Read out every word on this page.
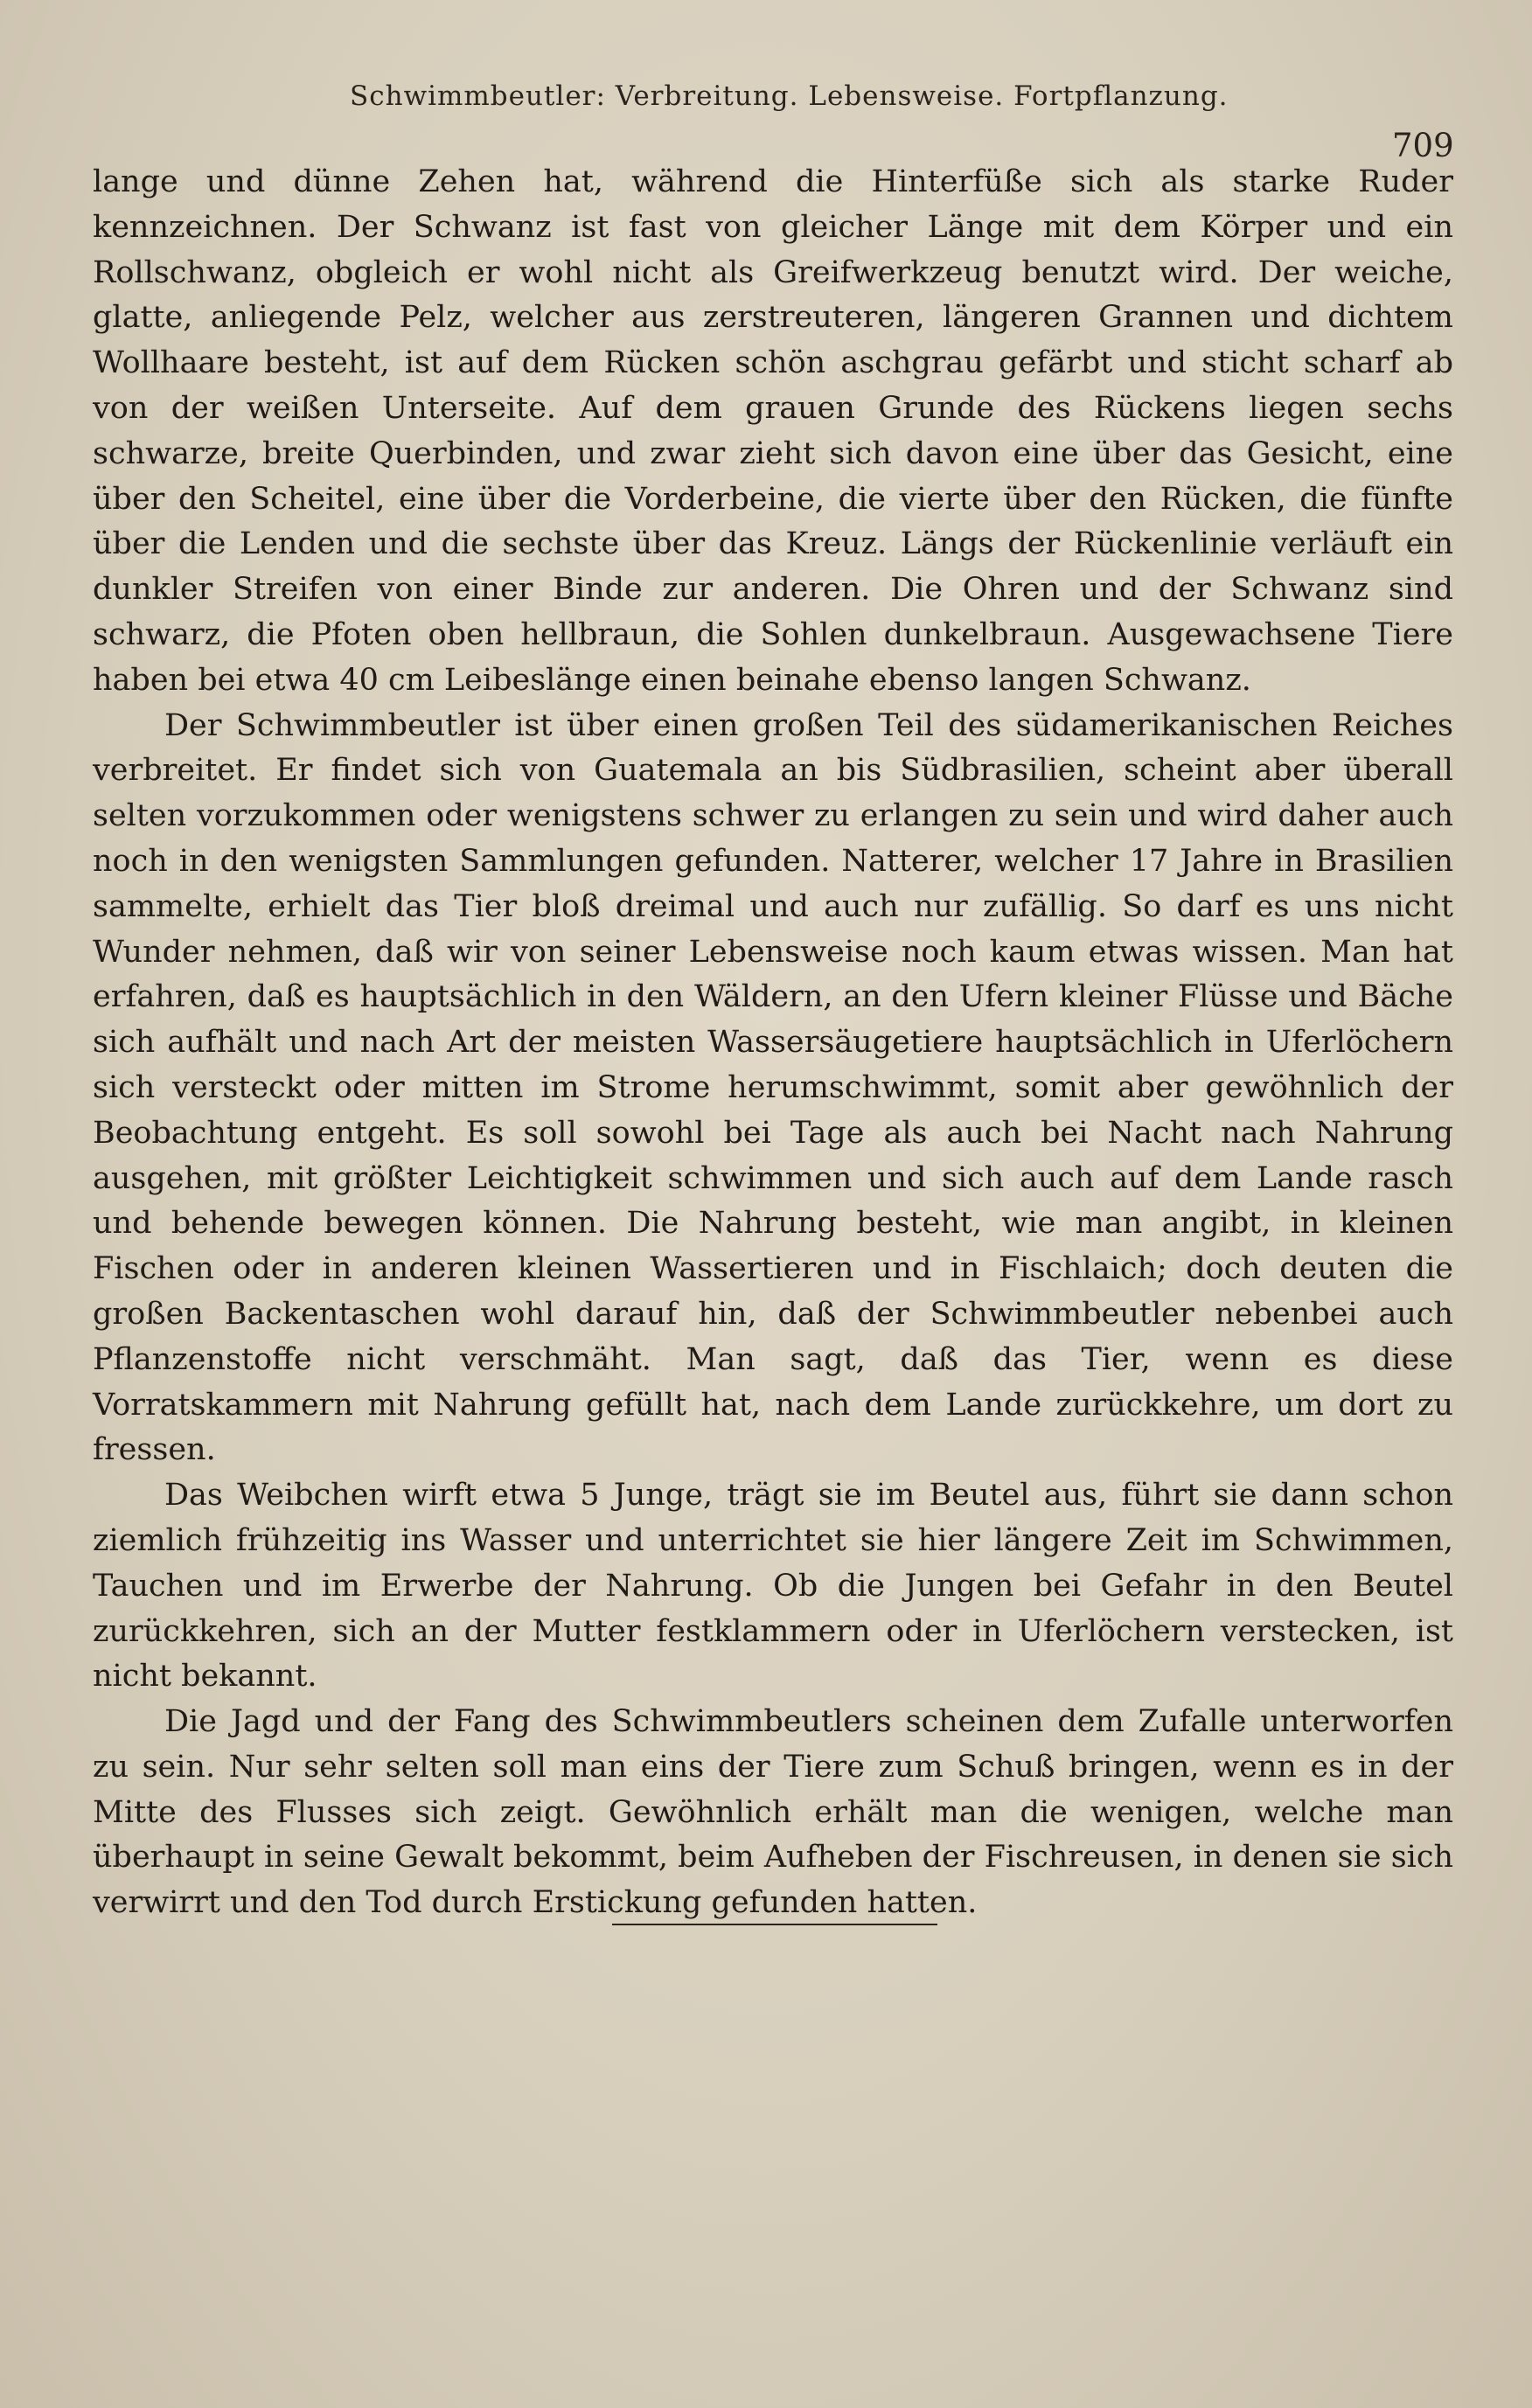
Schwimmbeutler: Verbreitung. Lebensweise. Fortpflanzung.
709

lange und dünne Zehen hat, während die Hinterfüße sich als starke Ruder kennzeichnen. Der Schwanz ist fast von gleicher Länge mit dem Körper und ein Rollschwanz, obgleich er wohl nicht als Greifwerkzeug benutzt wird. Der weiche, glatte, anliegende Pelz, welcher aus zerstreuteren, längeren Grannen und dichtem Wollhaare besteht, ist auf dem Rücken schön aschgrau gefärbt und sticht scharf ab von der weißen Unterseite. Auf dem grauen Grunde des Rückens liegen sechs schwarze, breite Querbinden, und zwar zieht sich davon eine über das Gesicht, eine über den Scheitel, eine über die Vorderbeine, die vierte über den Rücken, die fünfte über die Lenden und die sechste über das Kreuz. Längs der Rückenlinie verläuft ein dunkler Streifen von einer Binde zur anderen. Die Ohren und der Schwanz sind schwarz, die Pfoten oben hellbraun, die Sohlen dunkelbraun. Ausgewachsene Tiere haben bei etwa 40 cm Leibeslänge einen beinahe ebenso langen Schwanz.

Der Schwimmbeutler ist über einen großen Teil des südamerikanischen Reiches verbreitet. Er findet sich von Guatemala an bis Südbrasilien, scheint aber überall selten vorzukommen oder wenigstens schwer zu erlangen zu sein und wird daher auch noch in den wenigsten Sammlungen gefunden. Natterer, welcher 17 Jahre in Brasilien sammelte, erhielt das Tier bloß dreimal und auch nur zufällig. So darf es uns nicht Wunder nehmen, daß wir von seiner Lebensweise noch kaum etwas wissen. Man hat erfahren, daß es hauptsächlich in den Wäldern, an den Ufern kleiner Flüsse und Bäche sich aufhält und nach Art der meisten Wassersäugetiere hauptsächlich in Uferlöchern sich versteckt oder mitten im Strome herumschwimmt, somit aber gewöhnlich der Beobachtung entgeht. Es soll sowohl bei Tage als auch bei Nacht nach Nahrung ausgehen, mit größter Leichtigkeit schwimmen und sich auch auf dem Lande rasch und behende bewegen können. Die Nahrung besteht, wie man angibt, in kleinen Fischen oder in anderen kleinen Wassertieren und in Fischlaich; doch deuten die großen Backentaschen wohl darauf hin, daß der Schwimmbeutler nebenbei auch Pflanzenstoffe nicht verschmäht. Man sagt, daß das Tier, wenn es diese Vorratskammern mit Nahrung gefüllt hat, nach dem Lande zurückkehre, um dort zu fressen.

Das Weibchen wirft etwa 5 Junge, trägt sie im Beutel aus, führt sie dann schon ziemlich frühzeitig ins Wasser und unterrichtet sie hier längere Zeit im Schwimmen, Tauchen und im Erwerbe der Nahrung. Ob die Jungen bei Gefahr in den Beutel zurückkehren, sich an der Mutter festklammern oder in Uferlöchern verstecken, ist nicht bekannt.

Die Jagd und der Fang des Schwimmbeutlers scheinen dem Zufalle unterworfen zu sein. Nur sehr selten soll man eins der Tiere zum Schuß bringen, wenn es in der Mitte des Flusses sich zeigt. Gewöhnlich erhält man die wenigen, welche man überhaupt in seine Gewalt bekommt, beim Aufheben der Fischreusen, in denen sie sich verwirrt und den Tod durch Erstickung gefunden hatten.
